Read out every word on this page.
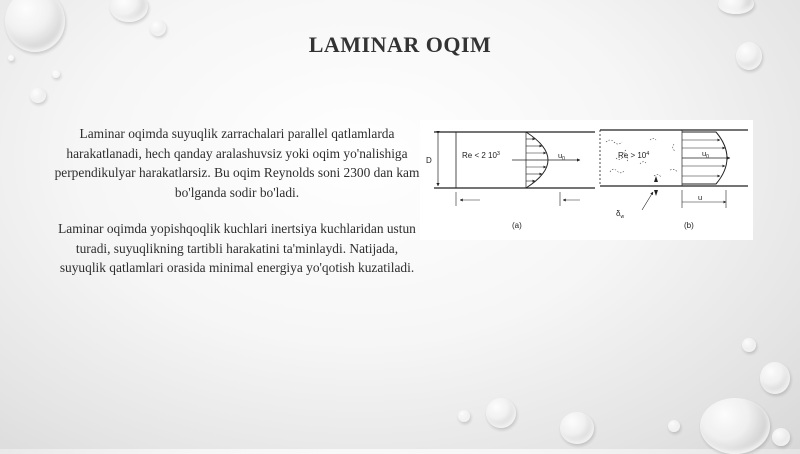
LAMINAR OQIM

Laminar oqimda suyuqlik zarrachalari parallel qatlamlarda harakatlanadi, hech qanday aralashuvsiz yoki oqim yo'nalishiga perpendikulyar harakatlarsiz. Bu oqim Reynolds soni 2300 dan kam bo'lganda sodir bo'ladi.

Laminar oqimda yopishqoqlik kuchlari inertsiya kuchlaridan ustun turadi, suyuqlikning tartibli harakatini ta'minlaydi. Natijada, suyuqlik qatlamlari orasida minimal energiya yo'qotish kuzatiladi.

D
Re < 2 $10^3$	$u_0$
(a)
$Re > 10^4$	$u_0$
$\delta_w$
u
(b)
